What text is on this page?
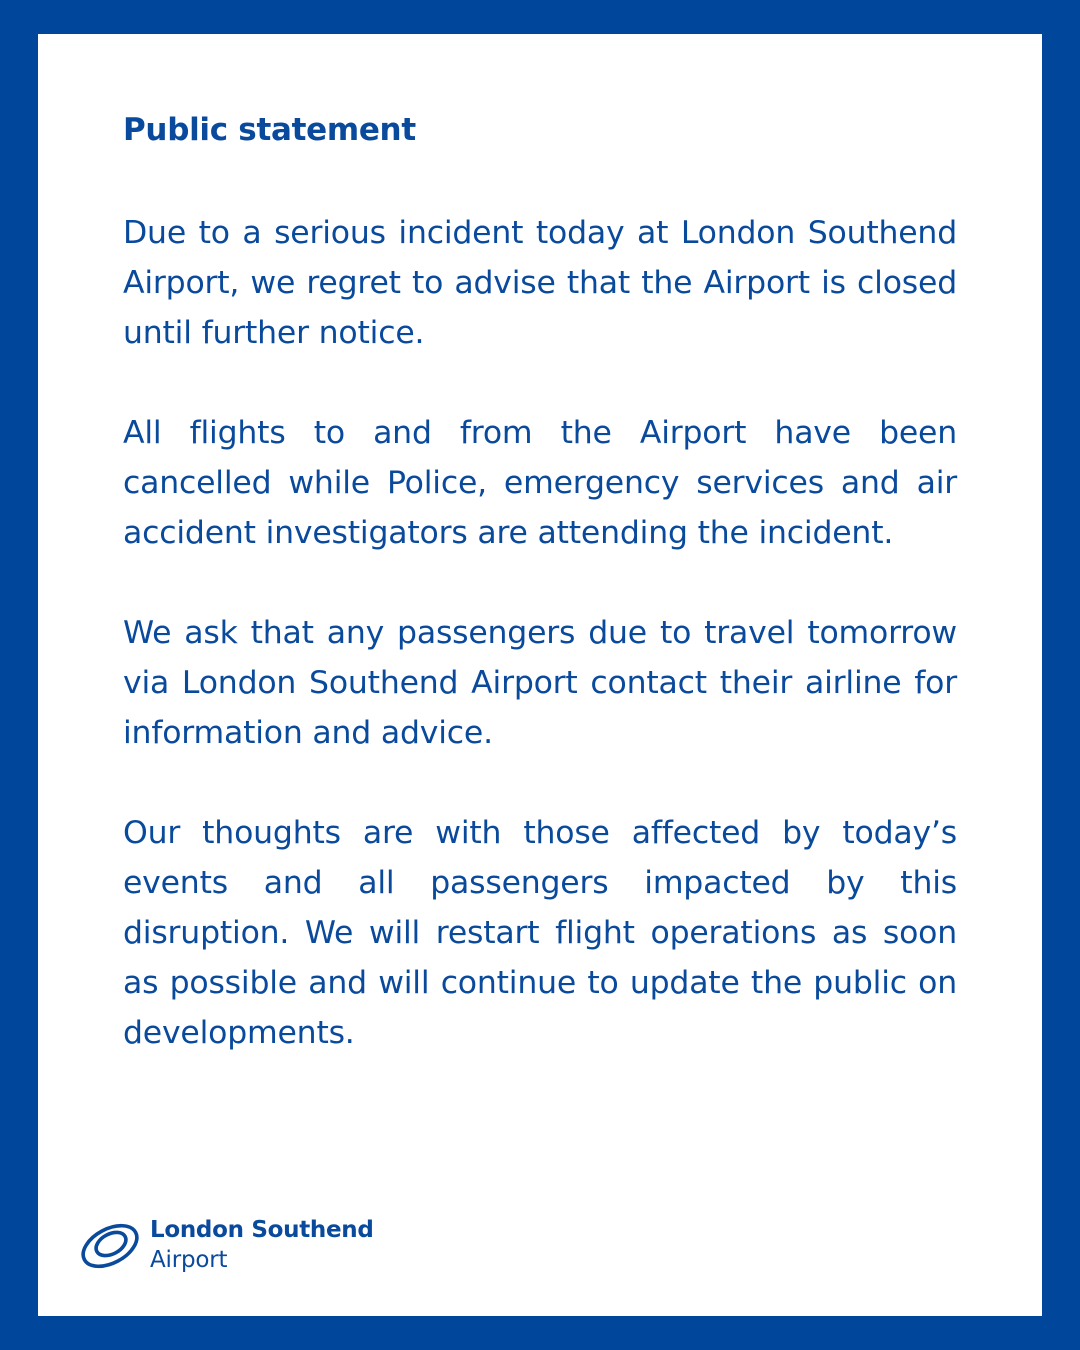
Public statement

Due to a serious incident today at London Southend Airport, we regret to advise that the Airport is closed until further notice.

All flights to and from the Airport have been cancelled while Police, emergency services and air accident investigators are attending the incident.

We ask that any passengers due to travel tomorrow via London Southend Airport contact their airline for information and advice.

Our thoughts are with those affected by today’s events and all passengers impacted by this disruption. We will restart flight operations as soon as possible and will continue to update the public on developments.

London Southend
Airport
